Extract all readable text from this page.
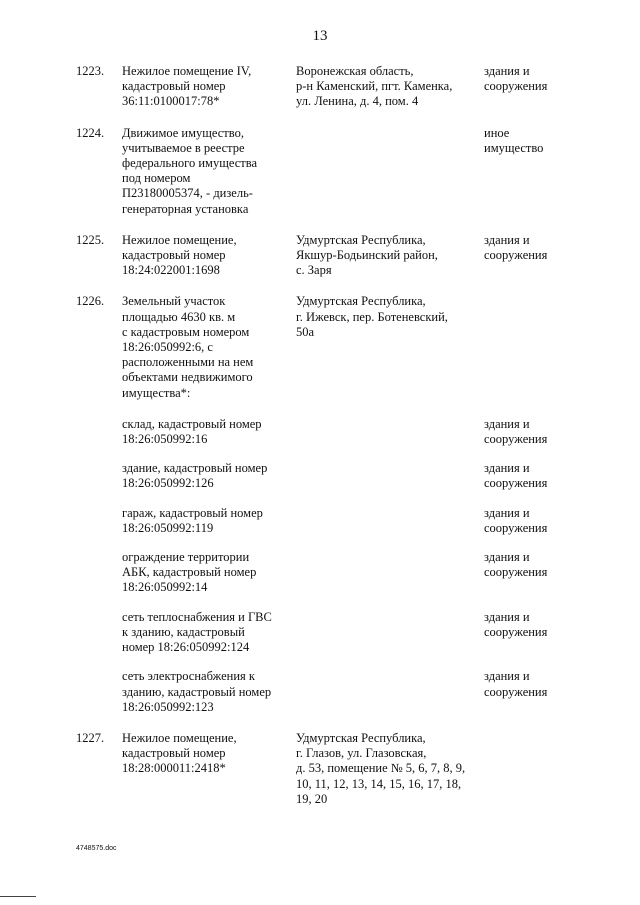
13
1223. Нежилое помещение IV,
кадастровый номер
36:11:0100017:78*
Воронежская область,
р-н Каменский, пгт. Каменка,
ул. Ленина, д. 4, пом. 4
здания и
сооружения
1224. Движимое имущество,
учитываемое в реестре
федерального имущества
под номером
П23180005374, - дизель-
генераторная установка
иное
имущество
1225. Нежилое помещение,
кадастровый номер
18:24:022001:1698
Удмуртская Республика,
Якшур-Бодьинский район,
с. Заря
здания и
сооружения
1226. Земельный участок
площадью 4630 кв. м
с кадастровым номером
18:26:050992:6, с
расположенными на нем
объектами недвижимого
имущества*:
Удмуртская Республика,
г. Ижевск, пер. Ботеневский,
50а
склад, кадастровый номер
18:26:050992:16
здания и
сооружения
здание, кадастровый номер
18:26:050992:126
здания и
сооружения
гараж, кадастровый номер
18:26:050992:119
здания и
сооружения
ограждение территории
АБК, кадастровый номер
18:26:050992:14
здания и
сооружения
сеть теплоснабжения и ГВС
к зданию, кадастровый
номер 18:26:050992:124
здания и
сооружения
сеть электроснабжения к
зданию, кадастровый номер
18:26:050992:123
здания и
сооружения
1227. Нежилое помещение,
кадастровый номер
18:28:000011:2418*
Удмуртская Республика,
г. Глазов, ул. Глазовская,
д. 53, помещение № 5, 6, 7, 8, 9,
10, 11, 12, 13, 14, 15, 16, 17, 18,
19, 20
4748575.doc
